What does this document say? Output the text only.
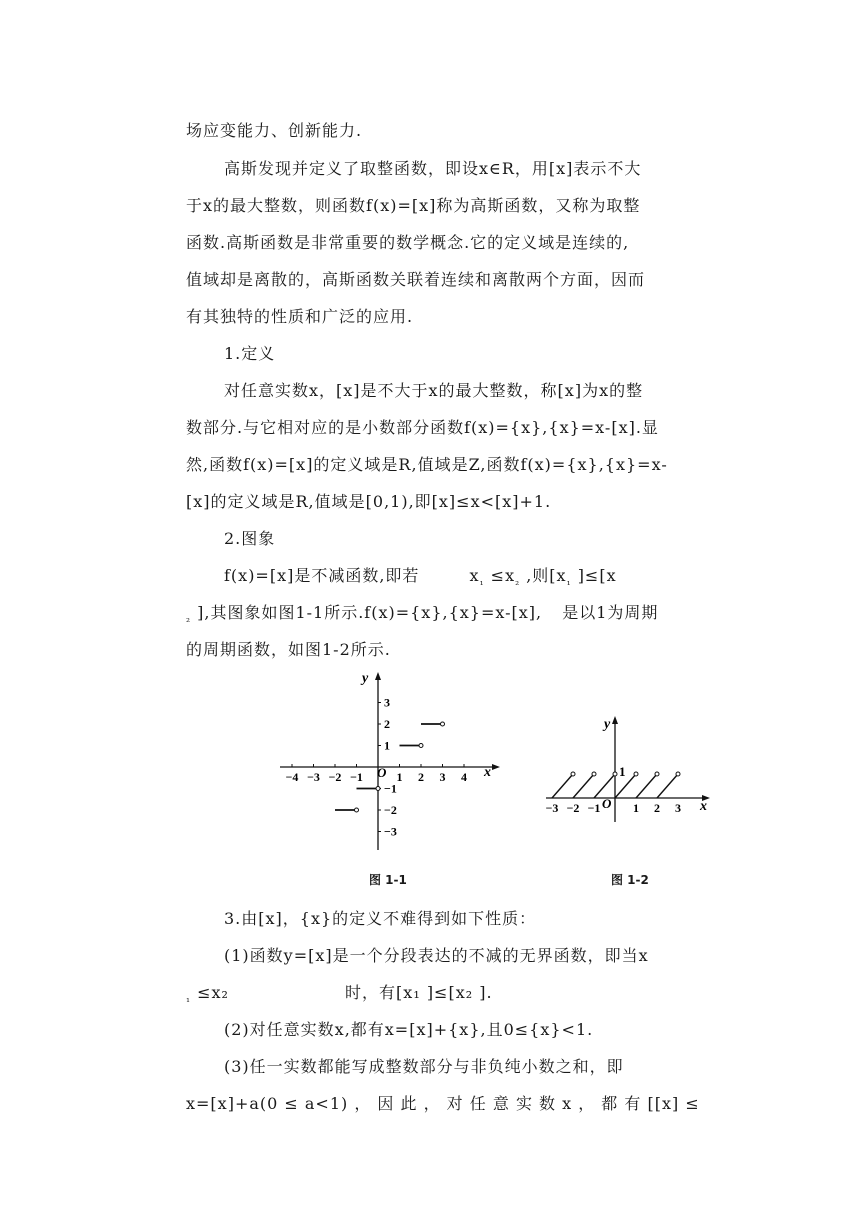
场应变能力、创新能力.
高斯发现并定义了取整函数，即设x∈R，用[x]表示不大
于x的最大整数，则函数f(x)=[x]称为高斯函数，又称为取整
函数.高斯函数是非常重要的数学概念.它的定义域是连续的,
值域却是离散的，高斯函数关联着连续和离散两个方面，因而
有其独特的性质和广泛的应用.
1.定义
对任意实数x，[x]是不大于x的最大整数，称[x]为x的整
数部分.与它相对应的是小数部分函数f(x)={x},{x}=x-[x].显
然,函数f(x)=[x]的定义域是R,值域是Z,函数f(x)={x},{x}=x-
[x]的定义域是R,值域是[0,1),即[x]≤x<[x]+1.
2.图象
f(x)=[x]是不减函数,即若	$x_{_1} \le x_{_2}$ ,则[$x_{_1}$ ]≤[x
$_{_2}$ ],其图象如图1-1所示.f(x)={x},{x}=x-[x], 是以1为周期
的周期函数，如图1-2所示.
−4 −3 −2 −1	1 2 3 4
3
2
1
−1
−2
−3
y
x
O
图 1-1
−3 −2 −1	1 2 3
y
x
O
1
图 1-2
3.由[x]，{x}的定义不难得到如下性质：
(1)函数y=[x]是一个分段表达的不减的无界函数，即当x
$_{_1}$ ≤x₂	时，有[x₁ ]≤[x₂ ].
(2)对任意实数x,都有x=[x]+{x},且0≤{x}<1.
(3)任一实数都能写成整数部分与非负纯小数之和，即
x=[x]+a(0 ≤ a<1) ， 因 此 ， 对 任 意 实 数 x ， 都 有 [[x] ≤
